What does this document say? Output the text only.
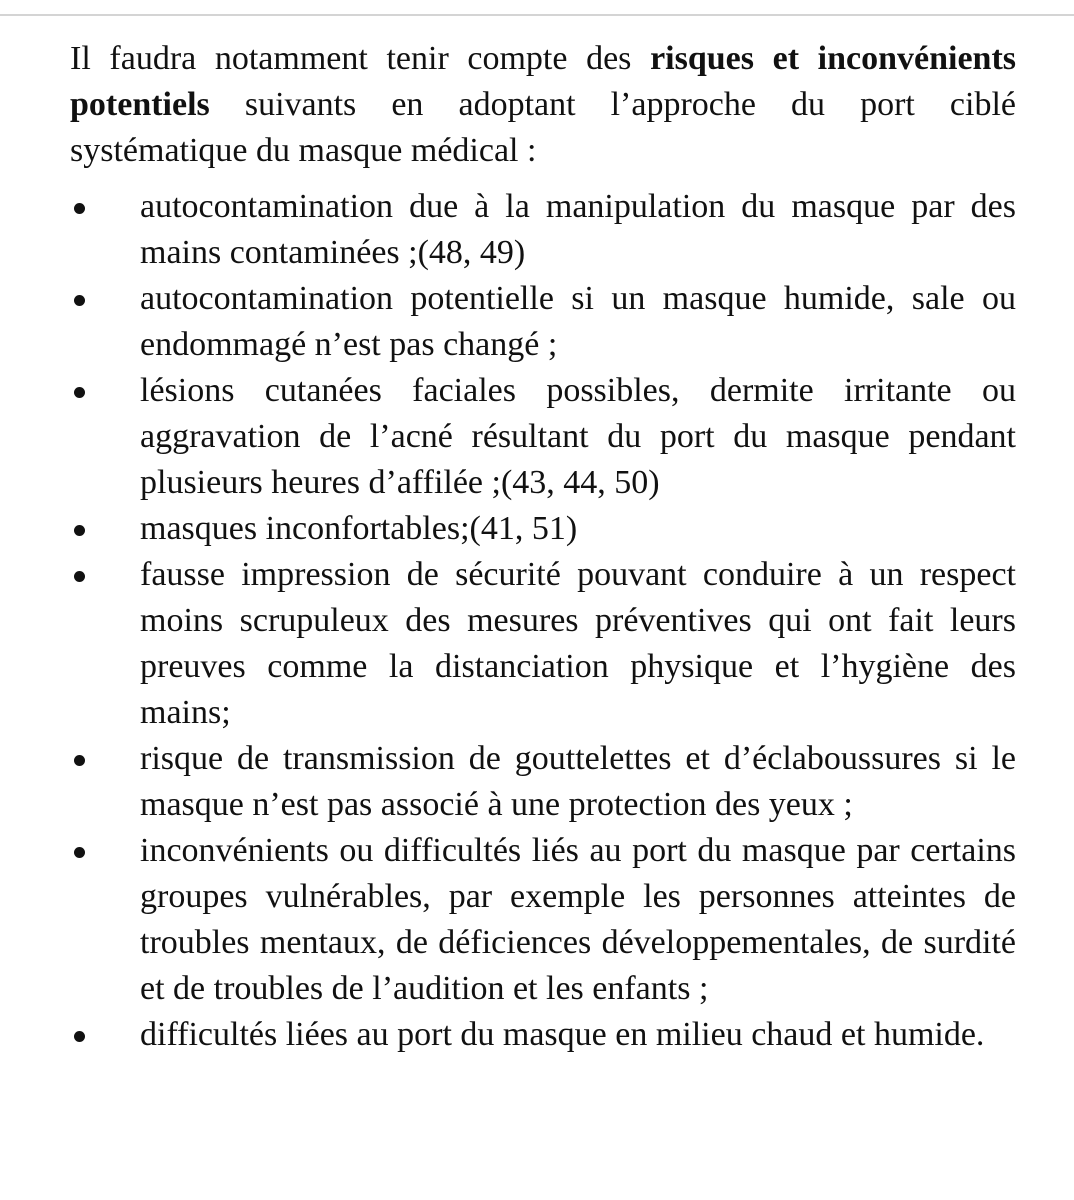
Il faudra notamment tenir compte des risques et inconvénients potentiels suivants en adoptant l’approche du port ciblé systématique du masque médical :

autocontamination due à la manipulation du masque par des mains contaminées ;(48, 49)
autocontamination potentielle si un masque humide, sale ou endommagé n’est pas changé ;
lésions cutanées faciales possibles, dermite irritante ou aggravation de l’acné résultant du port du masque pendant plusieurs heures d’affilée ;(43, 44, 50)
masques inconfortables;(41, 51)
fausse impression de sécurité pouvant conduire à un respect moins scrupuleux des mesures préventives qui ont fait leurs preuves comme la distanciation physique et l’hygiène des mains;
risque de transmission de gouttelettes et d’éclaboussures si le masque n’est pas associé à une protection des yeux ;
inconvénients ou difficultés liés au port du masque par certains groupes vulnérables, par exemple les personnes atteintes de troubles mentaux, de déficiences développementales, de surdité et de troubles de l’audition et les enfants ;
difficultés liées au port du masque en milieu chaud et humide.
